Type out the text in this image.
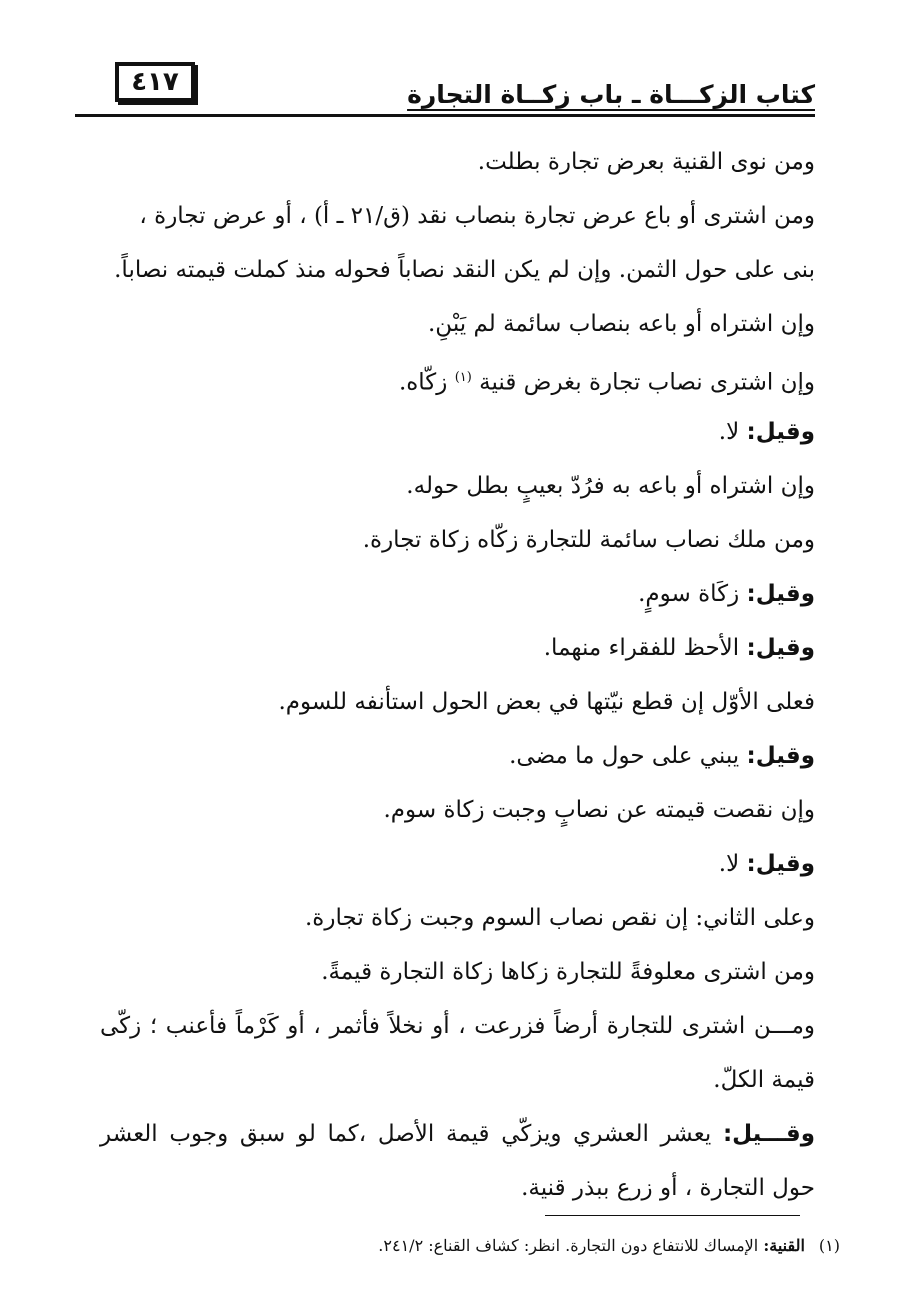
٤١٧	كتاب الزكـــاة ـ باب زكــاة التجارة
ومن نوى القنية بعرض تجارة بطلت.
ومن اشترى أو باع عرض تجارة بنصاب نقد (ق/٢١ ـ أ) ، أو عرض تجارة ،
بنى على حول الثمن. وإن لم يكن النقد نصاباً فحوله منذ كملت قيمته نصاباً.
وإن اشتراه أو باعه بنصاب سائمة لم يَبْنِ.
وإن اشترى نصاب تجارة بغرض قنية $^{(١)}$ زكّاه.
وقيل: لا.
وإن اشتراه أو باعه به فرُدّ بعيبٍ بطل حوله.
ومن ملك نصاب سائمة للتجارة زكّاه زكاة تجارة.
وقيل: زكَاة سومٍ.
وقيل: الأحظ للفقراء منهما.
فعلى الأوّل إن قطع نيّتها في بعض الحول استأنفه للسوم.
وقيل: يبني على حول ما مضى.
وإن نقصت قيمته عن نصابٍ وجبت زكاة سوم.
وقيل: لا.
وعلى الثاني: إن نقص نصاب السوم وجبت زكاة تجارة.
ومن اشترى معلوفةً للتجارة زكاها زكاة التجارة قيمةً.
ومـــن اشترى للتجارة أرضاً فزرعت ، أو نخلاً فأثمر ، أو كَرْماً فأعنب ؛ زكّى قيمة الكلّ.
وقـــيل: يعشر العشري ويزكّي قيمة الأصل ،كما لو سبق وجوب العشر حول التجارة ، أو زرع ببذر قنية.
(١)القنية: الإمساك للانتفاع دون التجارة. انظر: كشاف القناع: ٢٤١/٢.
